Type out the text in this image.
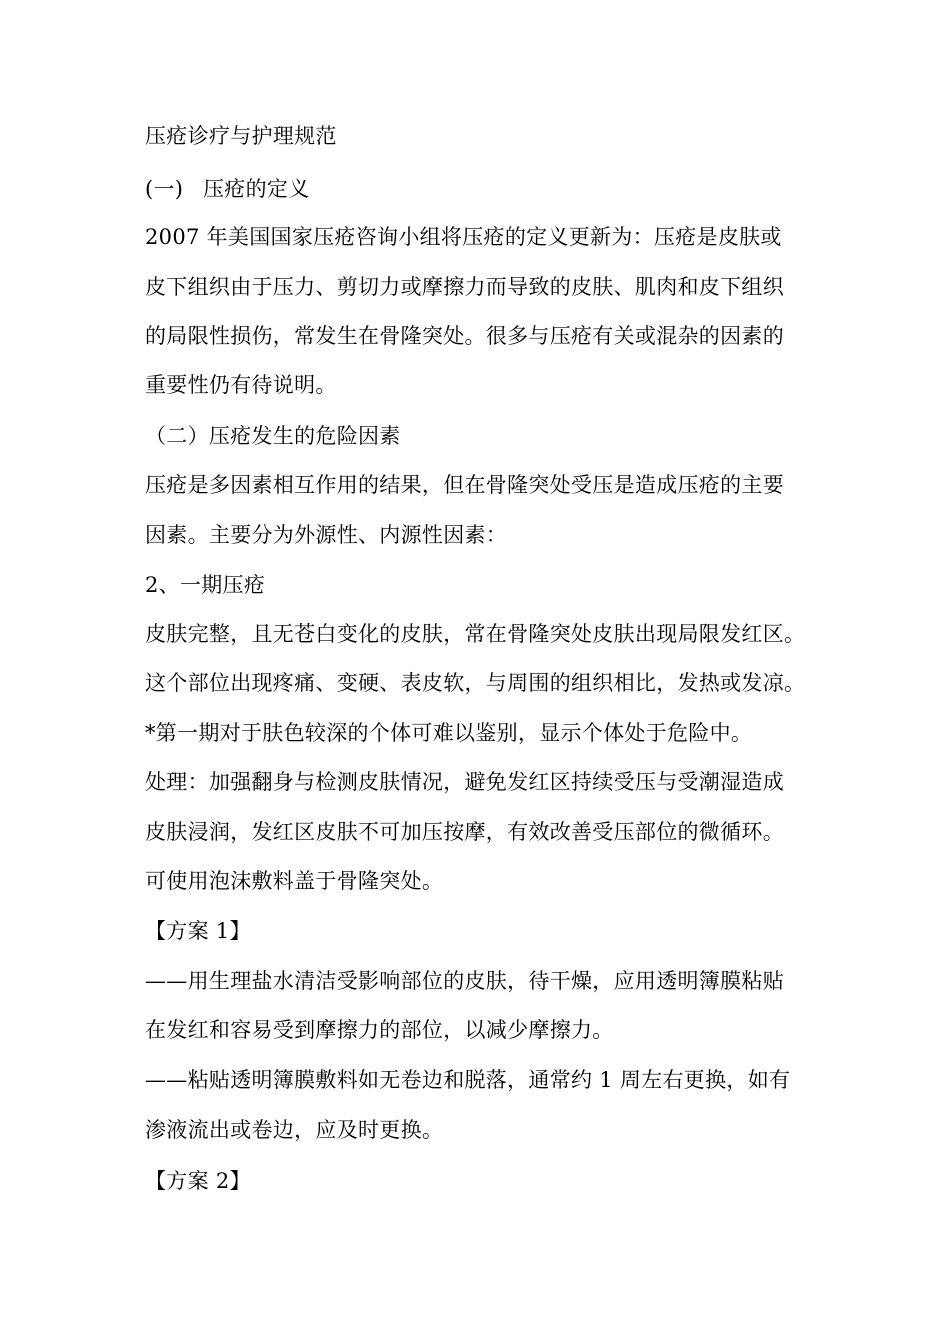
压疮诊疗与护理规范
(一) 压疮的定义
2007 年美国国家压疮咨询小组将压疮的定义更新为：压疮是皮肤或
皮下组织由于压力、剪切力或摩擦力而导致的皮肤、肌肉和皮下组织
的局限性损伤，常发生在骨隆突处。很多与压疮有关或混杂的因素的
重要性仍有待说明。
（二）压疮发生的危险因素
压疮是多因素相互作用的结果，但在骨隆突处受压是造成压疮的主要
因素。主要分为外源性、内源性因素：
2、一期压疮
皮肤完整，且无苍白变化的皮肤，常在骨隆突处皮肤出现局限发红区。
这个部位出现疼痛、变硬、表皮软，与周围的组织相比，发热或发凉。
*第一期对于肤色较深的个体可难以鉴别，显示个体处于危险中。
处理：加强翻身与检测皮肤情况，避免发红区持续受压与受潮湿造成
皮肤浸润，发红区皮肤不可加压按摩，有效改善受压部位的微循环。
可使用泡沫敷料盖于骨隆突处。
【方案 1】
——用生理盐水清洁受影响部位的皮肤，待干燥，应用透明簿膜粘贴
在发红和容易受到摩擦力的部位，以减少摩擦力。
——粘贴透明簿膜敷料如无卷边和脱落，通常约 1 周左右更换，如有
渗液流出或卷边，应及时更换。
【方案 2】
